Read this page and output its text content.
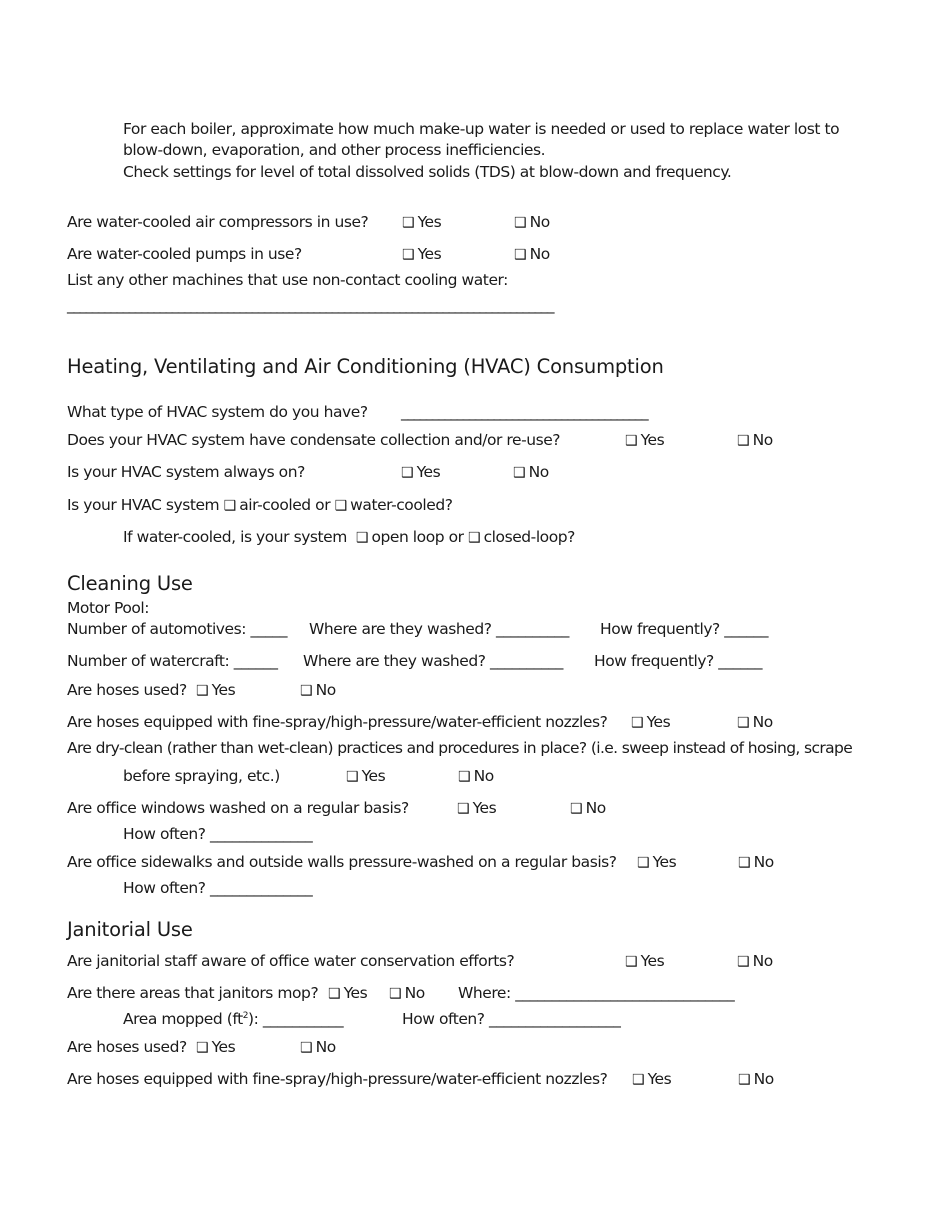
For each boiler, approximate how much make-up water is needed or used to replace water lost to
blow-down, evaporation, and other process inefficiencies.
Check settings for level of total dissolved solids (TDS) at blow-down and frequency.
Are water-cooled air compressors in use? ❑ Yes	❑ No
Are water-cooled pumps in use?	❑ Yes	❑ No
List any other machines that use non-contact cooling water:
_______________________________________________________________________________
Heating, Ventilating and Air Conditioning (HVAC) Consumption
What type of HVAC system do you have? ________________________________________
Does your HVAC system have condensate collection and/or re-use?	❑ Yes	❑ No
Is your HVAC system always on?	❑ Yes	❑ No
Is your HVAC system ❑ air-cooled or ❑ water-cooled?
If water-cooled, is your system ❑ open loop or ❑ closed-loop?
Cleaning Use
Motor Pool:
Number of automotives: _____ Where are they washed? __________ How frequently? ______
Number of watercraft: ______ Where are they washed? __________ How frequently? ______
Are hoses used? ❑ Yes	❑ No
Are hoses equipped with fine-spray/high-pressure/water-efficient nozzles? ❑ Yes	❑ No
Are dry-clean (rather than wet-clean) practices and procedures in place? (i.e. sweep instead of hosing, scrape
before spraying, etc.)	❑ Yes	❑ No
Are office windows washed on a regular basis?	❑ Yes	❑ No
How often? ______________
Are office sidewalks and outside walls pressure-washed on a regular basis? ❑ Yes	❑ No
How often? ______________
Janitorial Use
Are janitorial staff aware of office water conservation efforts?	❑ Yes	❑ No
Are there areas that janitors mop? ❑ Yes ❑ No Where: ______________________________
Area mopped $(ft^2)$: ___________	How often? __________________
Are hoses used? ❑ Yes	❑ No
Are hoses equipped with fine-spray/high-pressure/water-efficient nozzles? ❑ Yes	❑ No
